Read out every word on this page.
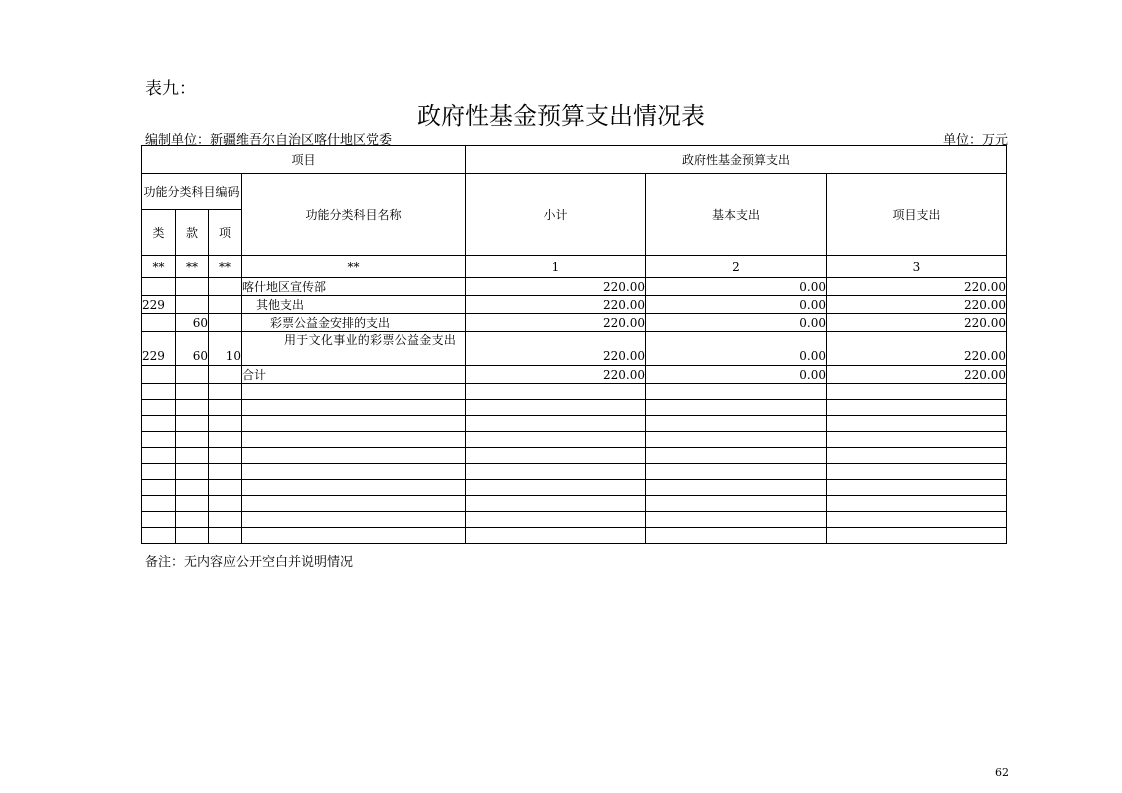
表九：
政府性基金预算支出情况表
编制单位：新疆维吾尔自治区喀什地区党委	单位：万元
项目				政府性基金预算支出		
功能分类科目编码			功能分类科目名称	小计	基本支出	项目支出
类	款	项				
**	**	**	**	1	2	3
			喀什地区宣传部	220.00	0.00	220.00
229			其他支出	220.00	0.00	220.00
	60		彩票公益金安排的支出	220.00	0.00	220.00
229	60	10	用于文化事业的彩票公益金支出	220.00	0.00	220.00
			合计	220.00	0.00	220.00

备注：无内容应公开空白并说明情况
62
